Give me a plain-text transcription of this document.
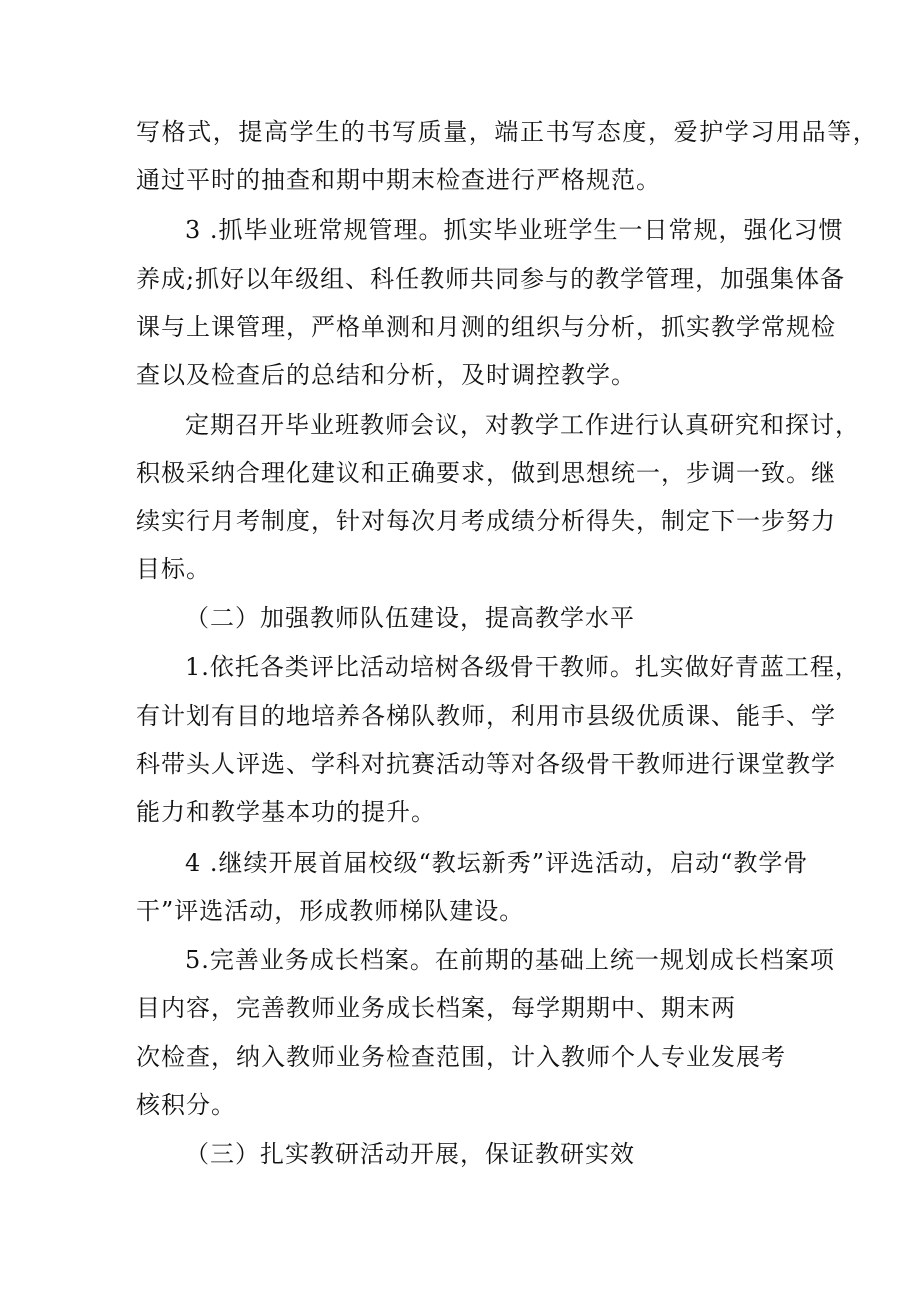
写格式，提高学生的书写质量，端正书写态度，爱护学习用品等，
通过平时的抽查和期中期末检查进行严格规范。
3 .抓毕业班常规管理。抓实毕业班学生一日常规，强化习惯
养成;抓好以年级组、科任教师共同参与的教学管理，加强集体备
课与上课管理，严格单测和月测的组织与分析，抓实教学常规检
查以及检查后的总结和分析，及时调控教学。
定期召开毕业班教师会议，对教学工作进行认真研究和探讨，
积极采纳合理化建议和正确要求，做到思想统一，步调一致。继
续实行月考制度，针对每次月考成绩分析得失，制定下一步努力
目标。
（二）加强教师队伍建设，提高教学水平
1.依托各类评比活动培树各级骨干教师。扎实做好青蓝工程，
有计划有目的地培养各梯队教师，利用市县级优质课、能手、学
科带头人评选、学科对抗赛活动等对各级骨干教师进行课堂教学
能力和教学基本功的提升。
4 .继续开展首届校级“教坛新秀”评选活动，启动“教学骨
干”评选活动，形成教师梯队建设。
5.完善业务成长档案。在前期的基础上统一规划成长档案项
目内容，完善教师业务成长档案，每学期期中、期末两
次检查，纳入教师业务检查范围，计入教师个人专业发展考
核积分。
（三）扎实教研活动开展，保证教研实效
